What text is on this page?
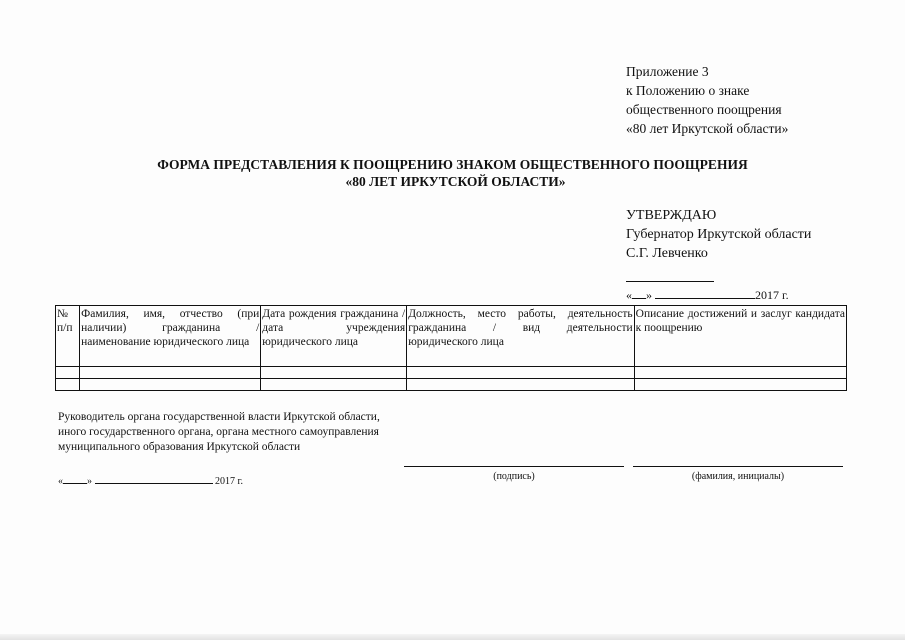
Приложение 3
к Положению о знаке
общественного поощрения
«80 лет Иркутской области»
ФОРМА ПРЕДСТАВЛЕНИЯ К ПООЩРЕНИЮ ЗНАКОМ ОБЩЕСТВЕННОГО ПООЩРЕНИЯ
«80 ЛЕТ ИРКУТСКОЙ ОБЛАСТИ»
УТВЕРЖДАЮ
Губернатор Иркутской области
С.Г. Левченко
« »	2017 г.
№ п/п	Фамилия, имя, отчество (при наличии) гражданина / наименование юридического лица	Дата рождения гражданина / дата учреждения юридического лица	Должность, место работы, деятельность гражданина / вид деятельности юридического лица	Описание достижений и заслуг кандидата к поощрению

Руководитель органа государственной власти Иркутской области,
иного государственного органа, органа местного самоуправления
муниципального образования Иркутской области
« »	2017 г.	(подпись)	(фамилия, инициалы)
